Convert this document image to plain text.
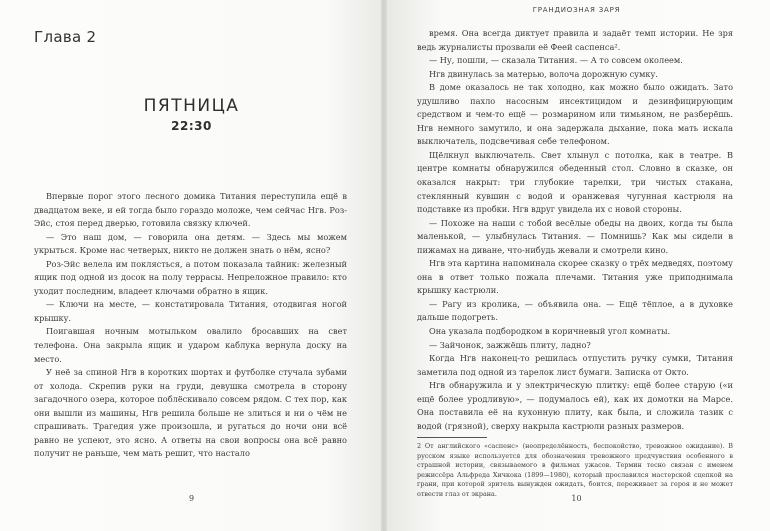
Глава 2
ПЯТНИЦА
22:30

Впервые порог этого лесного домика Титания переступила ещё в двадцатом веке, и ей тогда было гораздо моложе, чем сейчас Нгв. Роз-Эйс, стоя перед дверью, готовила связку ключей.

— Это наш дом, — говорила она детям. — Здесь мы можем укрыться. Кроме нас четверых, никто не должен знать о нём, ясно?

Роз-Эйс велела им поклясться, а потом показала тайник: железный ящик под одной из досок на полу террасы. Непреложное правило: кто уходит последним, владеет ключами обратно в ящик.

— Ключи на месте, — констатировала Титания, отодвигая ногой крышку.

Поигавшая ночным мотыльком овалило бросавших на свет телефона. Она закрыла ящик и ударом каблука вернула доску на место.

У неё за спиной Нгв в коротких шортах и футболке стучала зубами от холода. Скрепив руки на груди, девушка смотрела в сторону загадочного озера, которое поблёскивало совсем рядом. С тех пор, как они вышли из машины, Нгв решила больше не злиться и ни о чём не спрашивать. Трагедия уже произошла, и ругаться до ночи они всё равно не успеют, это ясно. А ответы на свои вопросы она всё равно получит не раньше, чем мать решит, что настало

9
ГРАНДИОЗНАЯ ЗАРЯ

время. Она всегда диктует правила и задаёт темп истории. Не зря ведь журналисты прозвали её Феей саспенса².

— Ну, пошли, — сказала Титания. — А то совсем околеем.

Нгв двинулась за матерью, волоча дорожную сумку.

В доме оказалось не так холодно, как можно было ожидать. Зато удушливо пахло насосным инсектицидом и дезинфицирующим средством и чем-то ещё — розмарином или тимьяном, не разберёшь. Нгв немного замутило, и она задержала дыхание, пока мать искала выключатель, подсвечивая себе телефоном.

Щёлкнул выключатель. Свет хлынул с потолка, как в театре. В центре комнаты обнаружился обеденный стол. Словно в сказке, он оказался накрыт: три глубокие тарелки, три чистых стакана, стеклянный кувшин с водой и оранжевая чугунная кастрюля на подставке из пробки. Нгв вдруг увидела их с новой стороны.

— Похоже на наши с тобой весёлые обеды на двоих, когда ты была маленькой, — улыбнулась Титания. — Помнишь? Как мы сидели в пижамах на диване, что-нибудь жевали и смотрели кино.

Нгв эта картина напоминала скорее сказку о трёх медведях, поэтому она в ответ только пожала плечами. Титания уже приподнимала крышку кастрюли.

— Рагу из кролика, — объявила она. — Ещё тёплое, а в духовке дальше подогреть.

Она указала подбородком в коричневый угол комнаты.

— Зайчонок, зажжёшь плиту, ладно?

Когда Нгв наконец-то решилась отпустить ручку сумки, Титания заметила под одной из тарелок лист бумаги. Записка от Окто.

Нгв обнаружила и у электрическую плитку: ещё более старую («и ещё более уродливую», — подумалось ей), как их домотки на Марсе. Она поставила её на кухонную плиту, как была, и сложила тазик с водой (грязной), сверху накрыла кастрюли разных размеров.

2 От английского «саспенс» (неопределённость, беспокойство, тревожное ожидание). В русском языке используется для обозначения тревожного предчувствия особенного в страшной истории, связываемого в фильмах ужасов. Термин тесно связан с именем режиссёра Альфреда Хичкока (1899—1980), который прославился мастерской сцепкой на грани, при которой зритель вынужден ожидать, боится, переживает за героя и не может отвести глаз от экрана.
10
